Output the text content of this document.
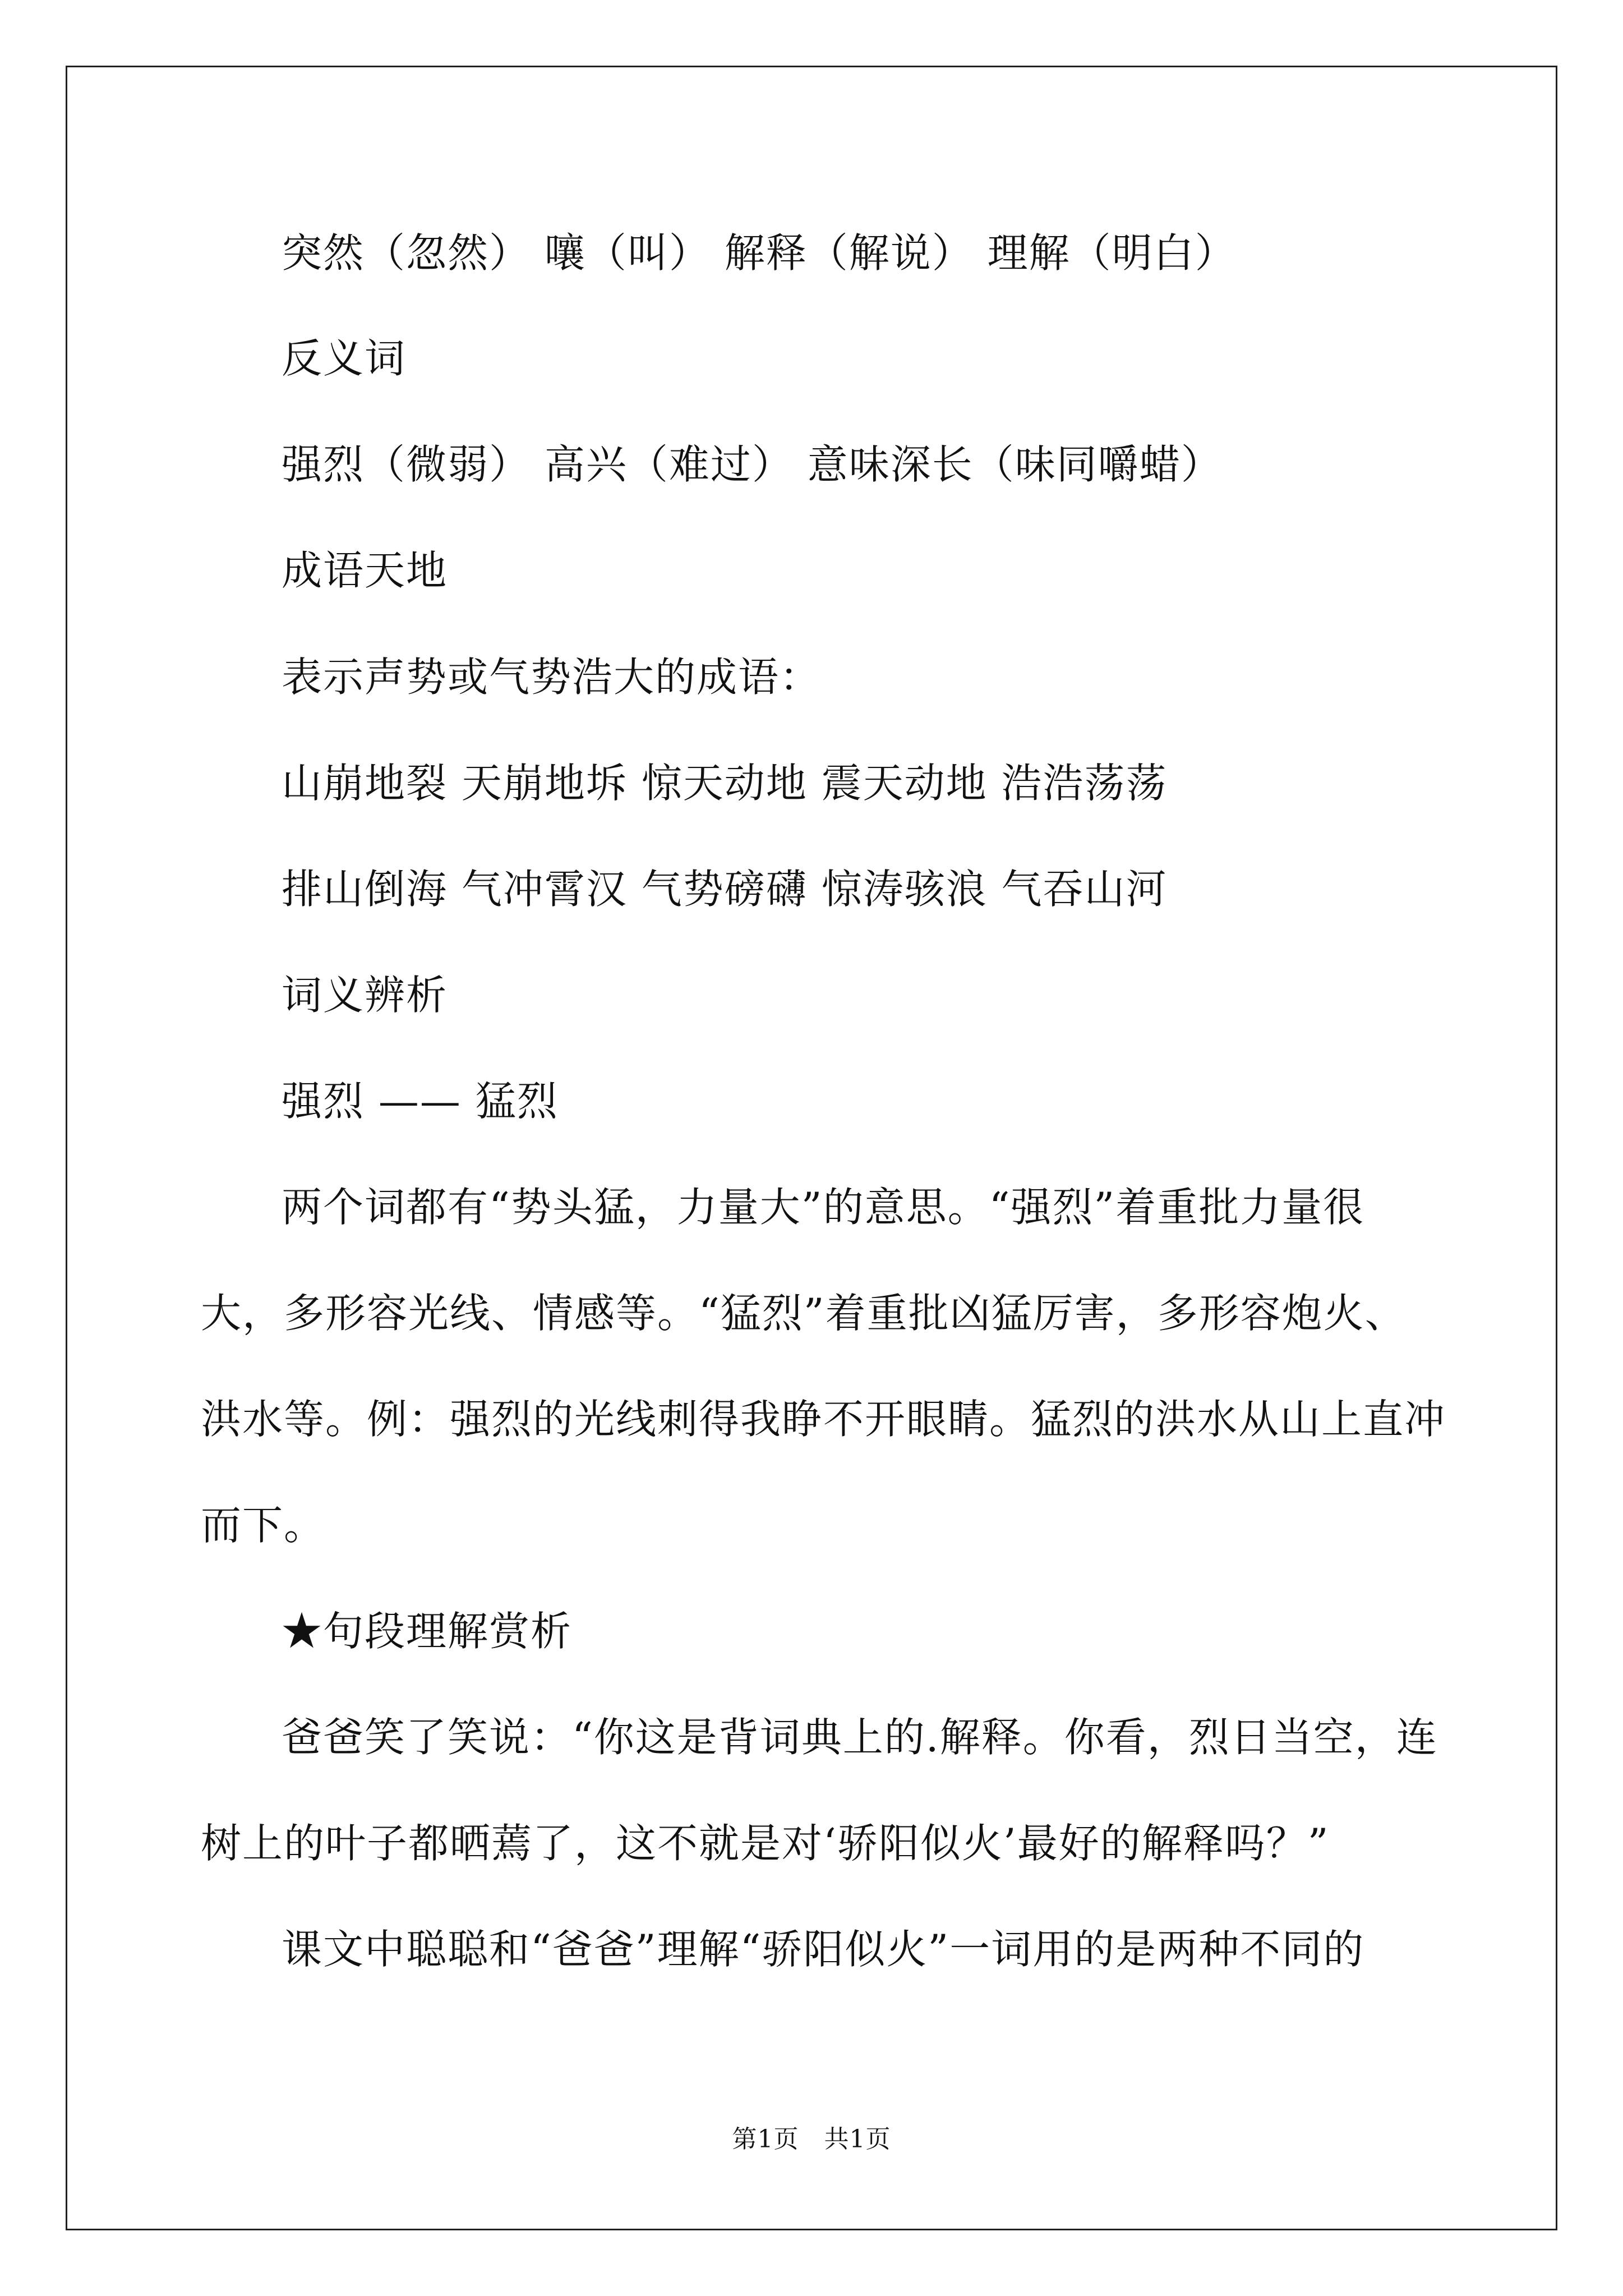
突然（忽然） 嚷（叫） 解释（解说） 理解（明白）
反义词
强烈（微弱） 高兴（难过） 意味深长（味同嚼蜡）
成语天地
表示声势或气势浩大的成语：
山崩地裂 天崩地坼 惊天动地 震天动地 浩浩荡荡
排山倒海 气冲霄汉 气势磅礴 惊涛骇浪 气吞山河
词义辨析
强烈 —— 猛烈
两个词都有“势头猛，力量大”的意思。“强烈”着重批力量很
大，多形容光线、情感等。“猛烈”着重批凶猛厉害，多形容炮火、
洪水等。例：强烈的光线刺得我睁不开眼睛。猛烈的洪水从山上直冲
而下。
★句段理解赏析
爸爸笑了笑说：“你这是背词典上的.解释。你看，烈日当空，连
树上的叶子都晒蔫了，这不就是对‘骄阳似火’最好的解释吗？”
课文中聪聪和“爸爸”理解“骄阳似火”一词用的是两种不同的
第1页　共1页
